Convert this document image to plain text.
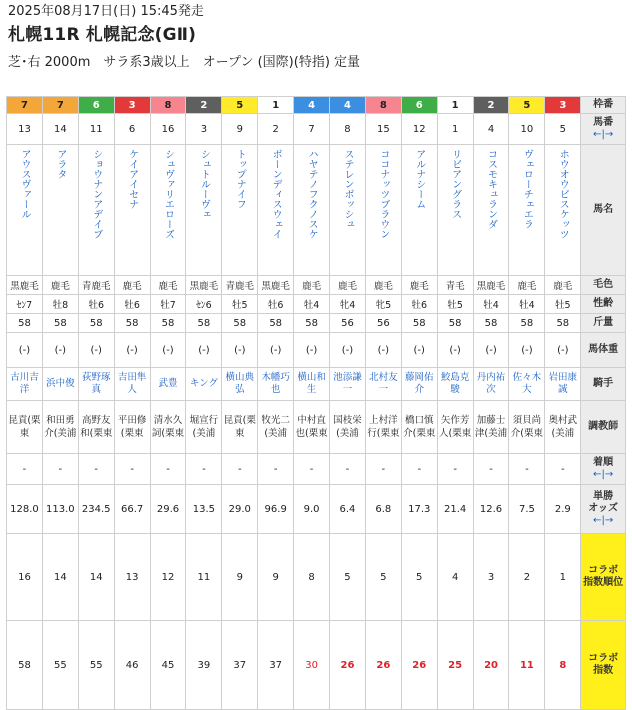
2025年08月17日(日) 15:45発走
札幌11R 札幌記念(GⅡ)
芝･右 2000m　サラ系3歳以上　オープン (国際)(特指) 定量
7	7	6	3	8	2	5	1	4	4	8	6	1	2	5	3	枠番

13	14	11	6	16	3	9	2	7	8	15	12	1	4	10	5	馬番
←|→

アウスヴァール	アラタ	ショウナンアデイブ	ケイアイセナ	シュヴァリエローズ	シュトルーヴェ	トップナイフ	ボーンディスウェイ	ハヤテノフクノスケ	ステレンボッシュ	ココナッツブラウン	アルナシーム	リビアングラス	コスモキュランダ	ヴェローチェエラ	ホウオウビスケッツ	馬名

黒鹿毛	鹿毛	青鹿毛	鹿毛	鹿毛	黒鹿毛	青鹿毛	黒鹿毛	鹿毛	鹿毛	鹿毛	鹿毛	青毛	黒鹿毛	鹿毛	鹿毛	毛色

ｾﾝ7	牡8	牡6	牡6	牡7	ｾﾝ6	牡5	牡6	牡4	牝4	牝5	牡6	牡5	牡4	牡4	牡5	性齢

58	58	58	58	58	58	58	58	58	56	56	58	58	58	58	58	斤量

(-)	(-)	(-)	(-)	(-)	(-)	(-)	(-)	(-)	(-)	(-)	(-)	(-)	(-)	(-)	(-)	馬体重

古川吉洋	浜中俊	荻野琢真	吉田隼人	武豊	キング	横山典弘	木幡巧也	横山和生	池添謙一	北村友一	藤岡佑介	鮫島克駿	丹内祐次	佐々木大	岩田康誠	騎手

昆貢(栗東	和田勇介(美浦	高野友和(栗東	平田修(栗東	清水久詞(栗東	堀宣行(美浦	昆貢(栗東	牧光二(美浦	中村直也(栗東	国枝栄(美浦	上村洋行(栗東	橋口慎介(栗東	矢作芳人(栗東	加藤士津(美浦	須貝尚介(栗東	奥村武(美浦	調教師

-	-	-	-	-	-	-	-	-	-	-	-	-	-	-	-	着順
←|→

128.0	113.0	234.5	66.7	29.6	13.5	29.0	96.9	9.0	6.4	6.8	17.3	21.4	12.6	7.5	2.9	単勝
オッズ
←|→

16	14	14	13	12	11	9	9	8	5	5	5	4	3	2	1	コラボ
指数順位

58	55	55	46	45	39	37	37	30	26	26	26	25	20	11	8	コラボ
指数
